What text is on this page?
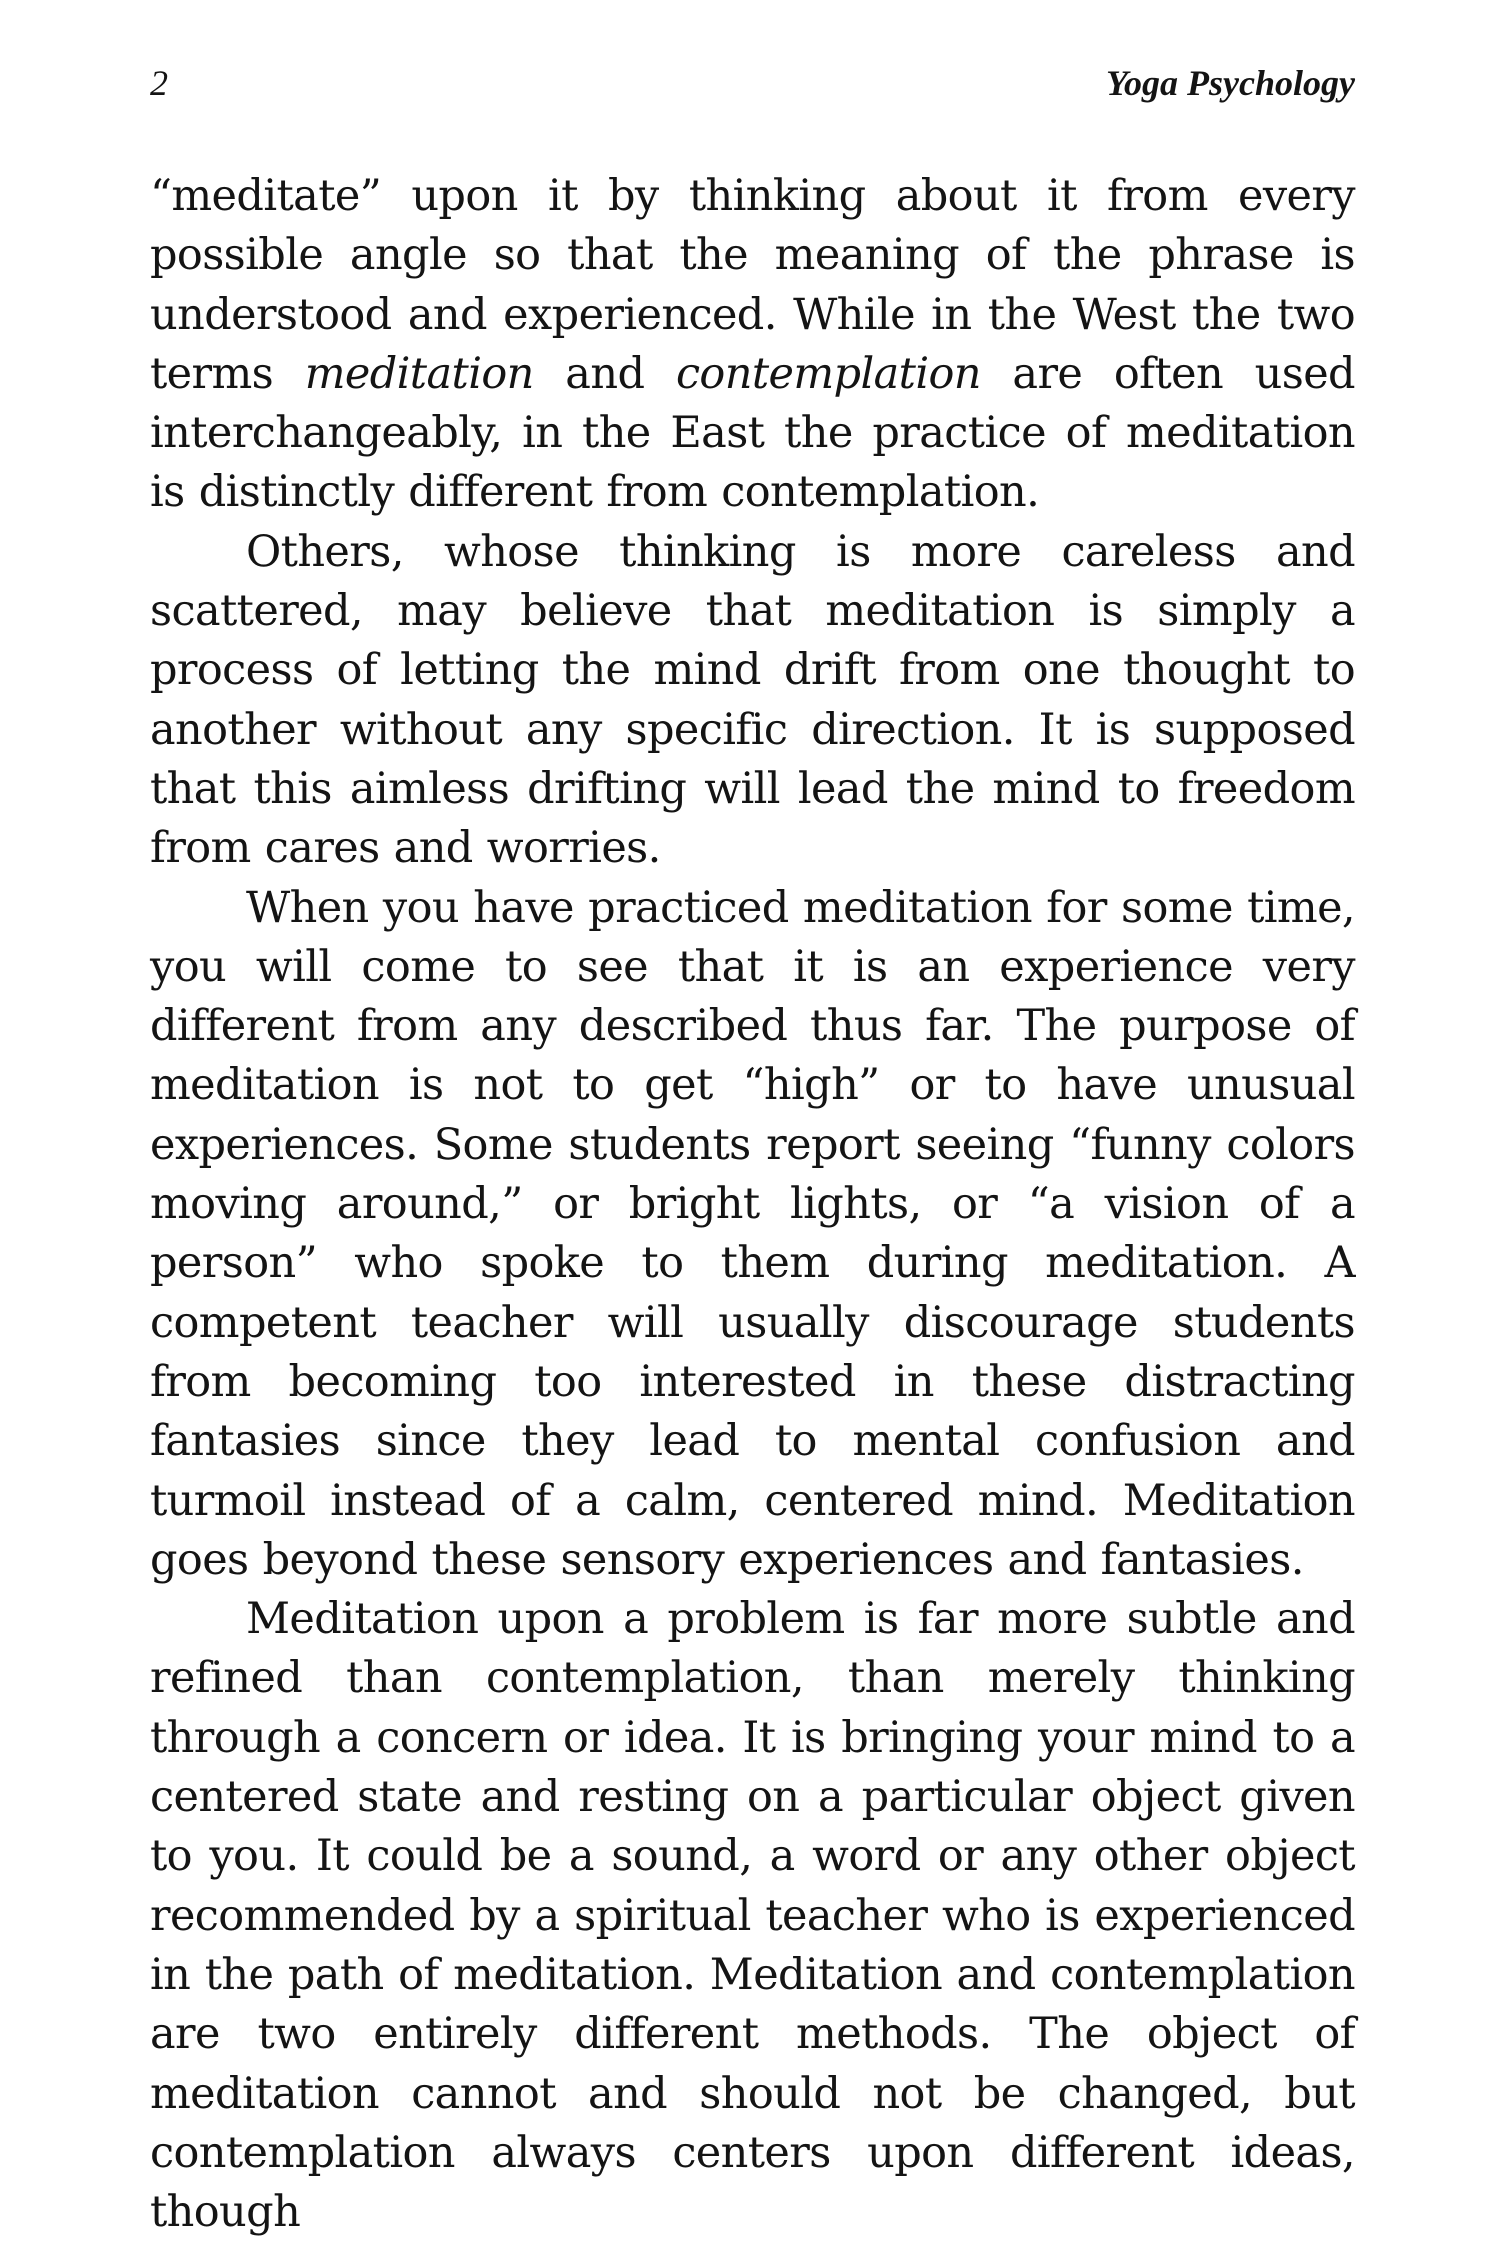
2	Yoga Psychology

“meditate” upon it by thinking about it from every possible angle so that the meaning of the phrase is understood and experienced. While in the West the two terms meditation and contemplation are often used interchangeably, in the East the practice of meditation is distinctly different from contemplation.

Others, whose thinking is more careless and scattered, may believe that meditation is simply a process of letting the mind drift from one thought to another without any specific direction. It is supposed that this aimless drifting will lead the mind to freedom from cares and worries.

When you have practiced meditation for some time, you will come to see that it is an experience very different from any described thus far. The purpose of meditation is not to get “high” or to have unusual experiences. Some students report seeing “funny colors moving around,” or bright lights, or “a vision of a person” who spoke to them during meditation. A competent teacher will usually discourage students from becoming too interested in these distracting fantasies since they lead to mental confusion and turmoil instead of a calm, centered mind. Meditation goes beyond these sensory experiences and fantasies.

Meditation upon a problem is far more subtle and refined than contemplation, than merely thinking through a concern or idea. It is bringing your mind to a centered state and resting on a particular object given to you. It could be a sound, a word or any other object recommended by a spiritual teacher who is experienced in the path of meditation. Meditation and contemplation are two entirely different methods. The object of meditation cannot and should not be changed, but contemplation always centers upon different ideas, though
